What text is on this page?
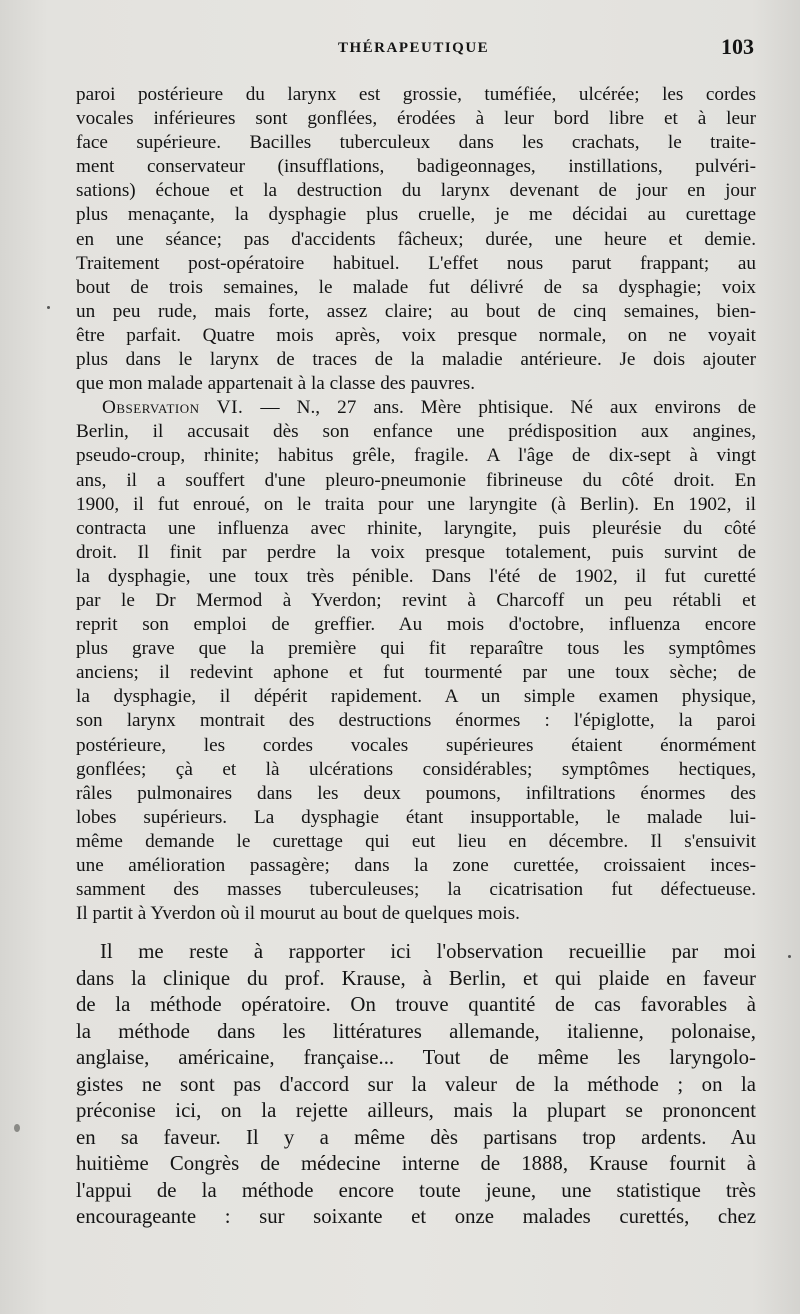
THÉRAPEUTIQUE	103
paroi postérieure du larynx est grossie, tuméfiée, ulcérée; les cordes
vocales inférieures sont gonflées, érodées à leur bord libre et à leur
face supérieure. Bacilles tuberculeux dans les crachats, le traite-
ment conservateur (insufflations, badigeonnages, instillations, pulvéri-
sations) échoue et la destruction du larynx devenant de jour en jour
plus menaçante, la dysphagie plus cruelle, je me décidai au curettage
en une séance; pas d'accidents fâcheux; durée, une heure et demie.
Traitement post-opératoire habituel. L'effet nous parut frappant; au
bout de trois semaines, le malade fut délivré de sa dysphagie; voix
un peu rude, mais forte, assez claire; au bout de cinq semaines, bien-
être parfait. Quatre mois après, voix presque normale, on ne voyait
plus dans le larynx de traces de la maladie antérieure. Je dois ajouter
que mon malade appartenait à la classe des pauvres.
Observation VI. — N., 27 ans. Mère phtisique. Né aux environs de
Berlin, il accusait dès son enfance une prédisposition aux angines,
pseudo-croup, rhinite; habitus grêle, fragile. A l'âge de dix-sept à vingt
ans, il a souffert d'une pleuro-pneumonie fibrineuse du côté droit. En
1900, il fut enroué, on le traita pour une laryngite (à Berlin). En 1902, il
contracta une influenza avec rhinite, laryngite, puis pleurésie du côté
droit. Il finit par perdre la voix presque totalement, puis survint de
la dysphagie, une toux très pénible. Dans l'été de 1902, il fut curetté
par le Dr Mermod à Yverdon; revint à Charcoff un peu rétabli et
reprit son emploi de greffier. Au mois d'octobre, influenza encore
plus grave que la première qui fit reparaître tous les symptômes
anciens; il redevint aphone et fut tourmenté par une toux sèche; de
la dysphagie, il dépérit rapidement. A un simple examen physique,
son larynx montrait des destructions énormes : l'épiglotte, la paroi
postérieure, les cordes vocales supérieures étaient énormément
gonflées; çà et là ulcérations considérables; symptômes hectiques,
râles pulmonaires dans les deux poumons, infiltrations énormes des
lobes supérieurs. La dysphagie étant insupportable, le malade lui-
même demande le curettage qui eut lieu en décembre. Il s'ensuivit
une amélioration passagère; dans la zone curettée, croissaient inces-
samment des masses tuberculeuses; la cicatrisation fut défectueuse.
Il partit à Yverdon où il mourut au bout de quelques mois.
Il me reste à rapporter ici l'observation recueillie par moi
dans la clinique du prof. Krause, à Berlin, et qui plaide en faveur
de la méthode opératoire. On trouve quantité de cas favorables à
la méthode dans les littératures allemande, italienne, polonaise,
anglaise, américaine, française... Tout de même les laryngolo-
gistes ne sont pas d'accord sur la valeur de la méthode ; on la
préconise ici, on la rejette ailleurs, mais la plupart se prononcent
en sa faveur. Il y a même dès partisans trop ardents. Au
huitième Congrès de médecine interne de 1888, Krause fournit à
l'appui de la méthode encore toute jeune, une statistique très
encourageante : sur soixante et onze malades curettés, chez
